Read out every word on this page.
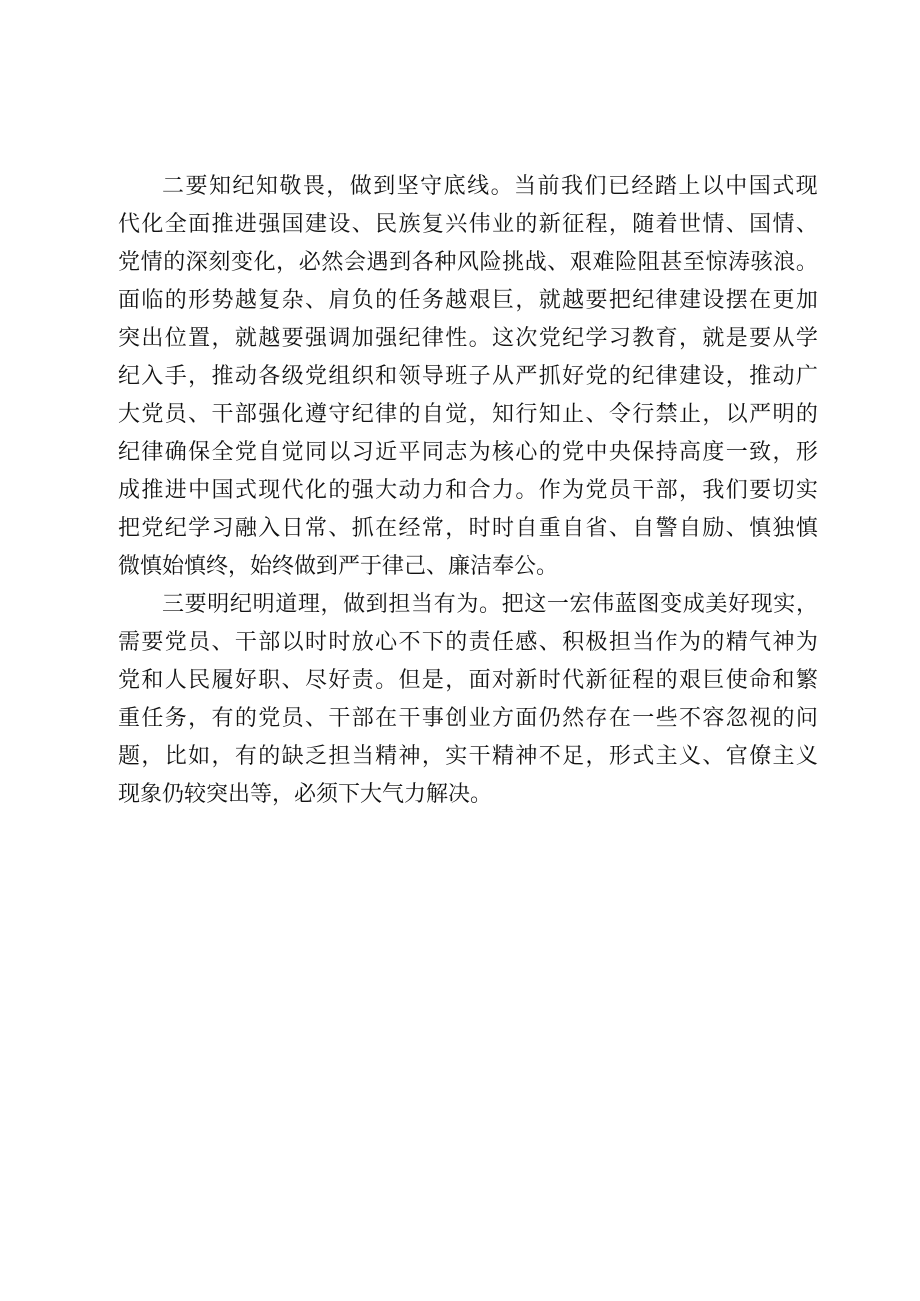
二 要 知 纪 知 敬 畏 ， 做 到 坚 守 底 线 。 当 前 我 们 已 经 踏 上 以 中 国 式 现
代 化 全 面 推 进 强 国 建 设 、 民 族 复 兴 伟 业 的 新 征 程 ， 随 着 世 情 、 国 情 、
党 情 的 深 刻 变 化 ， 必 然 会 遇 到 各 种 风 险 挑 战 、 艰 难 险 阻 甚 至 惊 涛 骇 浪 。
面 临 的 形 势 越 复 杂 、 肩 负 的 任 务 越 艰 巨 ， 就 越 要 把 纪 律 建 设 摆 在 更 加
突 出 位 置 ， 就 越 要 强 调 加 强 纪 律 性 。 这 次 党 纪 学 习 教 育 ， 就 是 要 从 学
纪 入 手 ， 推 动 各 级 党 组 织 和 领 导 班 子 从 严 抓 好 党 的 纪 律 建 设 ， 推 动 广
大 党 员 、 干 部 强 化 遵 守 纪 律 的 自 觉 ， 知 行 知 止 、 令 行 禁 止 ， 以 严 明 的
纪 律 确 保 全 党 自 觉 同 以 习 近 平 同 志 为 核 心 的 党 中 央 保 持 高 度 一 致 ， 形
成 推 进 中 国 式 现 代 化 的 强 大 动 力 和 合 力 。 作 为 党 员 干 部 ， 我 们 要 切 实
把 党 纪 学 习 融 入 日 常 、 抓 在 经 常 ， 时 时 自 重 自 省 、 自 警 自 励 、 慎 独 慎
微慎始慎终，始终做到严于律己、廉洁奉公。
三 要 明 纪 明 道 理 ， 做 到 担 当 有 为 。 把 这 一 宏 伟 蓝 图 变 成 美 好 现 实 ，
需 要 党 员 、 干 部 以 时 时 放 心 不 下 的 责 任 感 、 积 极 担 当 作 为 的 精 气 神 为
党 和 人 民 履 好 职 、 尽 好 责 。 但 是 ， 面 对 新 时 代 新 征 程 的 艰 巨 使 命 和 繁
重 任 务 ， 有 的 党 员 、 干 部 在 干 事 创 业 方 面 仍 然 存 在 一 些 不 容 忽 视 的 问
题 ， 比 如 ， 有 的 缺 乏 担 当 精 神 ， 实 干 精 神 不 足 ， 形 式 主 义 、 官 僚 主 义
现象仍较突出等，必须下大气力解决。
